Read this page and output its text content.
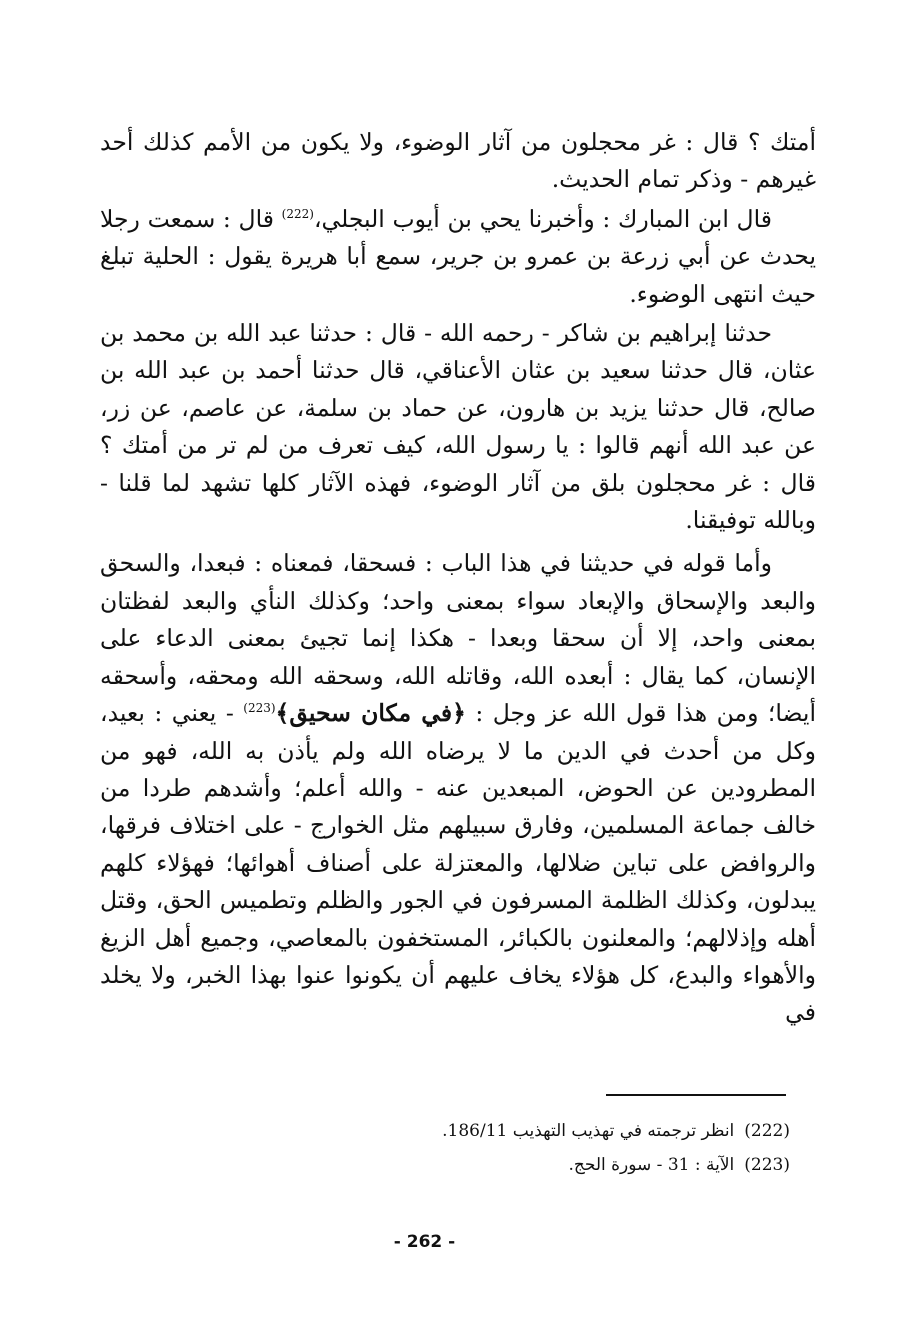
أمتك ؟ قال : غر محجلون من آثار الوضوء، ولا يكون من الأمم كذلك أحد غيرهم - وذكر تمام الحديث.

قال ابن المبارك : وأخبرنا يحي بن أيوب البجلي،$^{(222)}$ قال : سمعت رجلا يحدث عن أبي زرعة بن عمرو بن جرير، سمع أبا هريرة يقول : الحلية تبلغ حيث انتهى الوضوء.

حدثنا إبراهيم بن شاكر - رحمه الله - قال : حدثنا عبد الله بن محمد بن عثان، قال حدثنا سعيد بن عثان الأعناقي، قال حدثنا أحمد بن عبد الله بن صالح، قال حدثنا يزيد بن هارون، عن حماد بن سلمة، عن عاصم، عن زر، عن عبد الله أنهم قالوا : يا رسول الله، كيف تعرف من لم تر من أمتك ؟ قال : غر محجلون بلق من آثار الوضوء، فهذه الآثار كلها تشهد لما قلنا - وبالله توفيقنا.

وأما قوله في حديثنا في هذا الباب : فسحقا، فمعناه : فبعدا، والسحق والبعد والإسحاق والإبعاد سواء بمعنى واحد؛ وكذلك النأي والبعد لفظتان بمعنى واحد، إلا أن سحقا وبعدا - هكذا إنما تجيئ بمعنى الدعاء على الإنسان، كما يقال : أبعده الله، وقاتله الله، وسحقه الله ومحقه، وأسحقه أيضا؛ ومن هذا قول الله عز وجل : ﴿في مكان سحيق﴾$^{(223)}$ - يعني : بعيد، وكل من أحدث في الدين ما لا يرضاه الله ولم يأذن به الله، فهو من المطرودين عن الحوض، المبعدين عنه - والله أعلم؛ وأشدهم طردا من خالف جماعة المسلمين، وفارق سبيلهم مثل الخوارج - على اختلاف فرقها، والروافض على تباين ضلالها، والمعتزلة على أصناف أهوائها؛ فهؤلاء كلهم يبدلون، وكذلك الظلمة المسرفون في الجور والظلم وتطميس الحق، وقتل أهله وإذلالهم؛ والمعلنون بالكبائر، المستخفون بالمعاصي، وجميع أهل الزيغ والأهواء والبدع، كل هؤلاء يخاف عليهم أن يكونوا عنوا بهذا الخبر، ولا يخلد في

(222)انظر ترجمته في تهذيب التهذيب 186/11.

(223)الآية : 31 - سورة الحج.

- 262 -
